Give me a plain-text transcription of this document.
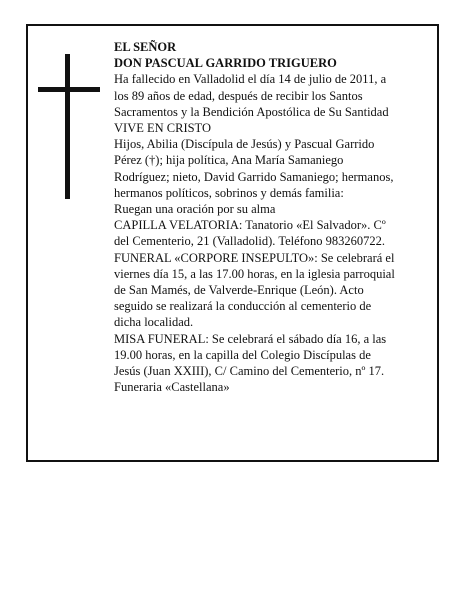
EL SEÑOR
DON PASCUAL GARRIDO TRIGUERO
Ha fallecido en Valladolid el día 14 de julio de 2011, a
los 89 años de edad, después de recibir los Santos
Sacramentos y la Bendición Apostólica de Su Santidad
VIVE EN CRISTO
Hijos, Abilia (Discípula de Jesús) y Pascual Garrido
Pérez (†); hija política, Ana María Samaniego
Rodríguez; nieto, David Garrido Samaniego; hermanos,
hermanos políticos, sobrinos y demás familia:
Ruegan una oración por su alma
CAPILLA VELATORIA: Tanatorio «El Salvador». Cº
del Cementerio, 21 (Valladolid). Teléfono 983260722.
FUNERAL «CORPORE INSEPULTO»: Se celebrará el
viernes día 15, a las 17.00 horas, en la iglesia parroquial
de San Mamés, de Valverde-Enrique (León). Acto
seguido se realizará la conducción al cementerio de
dicha localidad.
MISA FUNERAL: Se celebrará el sábado día 16, a las
19.00 horas, en la capilla del Colegio Discípulas de
Jesús (Juan XXIII), C/ Camino del Cementerio, nº 17.
Funeraria «Castellana»
